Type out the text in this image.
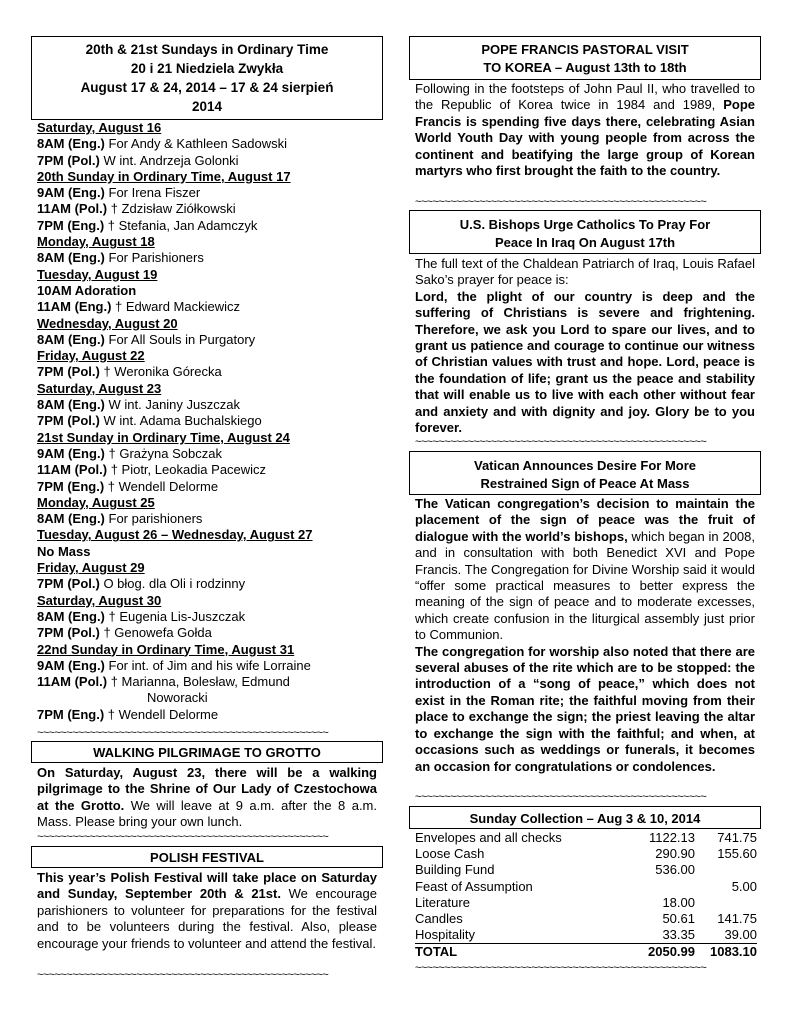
20th & 21st Sundays in Ordinary Time
20 i 21 Niedziela Zwykła
August 17 & 24, 2014 – 17 & 24 sierpień
2014
Saturday, August 16
8AM (Eng.) For Andy & Kathleen Sadowski
7PM (Pol.) W int. Andrzeja Golonki
20th Sunday in Ordinary Time, August 17
9AM (Eng.) For Irena Fiszer
11AM (Pol.) † Zdzisław Ziółkowski
7PM (Eng.) † Stefania, Jan Adamczyk
Monday, August 18
8AM (Eng.) For Parishioners
Tuesday, August 19
10AM Adoration
11AM (Eng.) † Edward Mackiewicz
Wednesday, August 20
8AM (Eng.) For All Souls in Purgatory
Friday, August 22
7PM (Pol.) † Weronika Górecka
Saturday, August 23
8AM (Eng.) W int. Janiny Juszczak
7PM (Pol.) W int. Adama Buchalskiego
21st Sunday in Ordinary Time, August 24
9AM (Eng.) † Grażyna Sobczak
11AM (Pol.) † Piotr, Leokadia Pacewicz
7PM (Eng.) † Wendell Delorme
Monday, August 25
8AM (Eng.) For parishioners
Tuesday, August 26 – Wednesday, August 27
No Mass
Friday, August 29
7PM (Pol.) O błog. dla Oli i rodzinny
Saturday, August 30
8AM (Eng.) † Eugenia Lis-Juszczak
7PM (Pol.) † Genowefa Gołda
22nd Sunday in Ordinary Time, August 31
9AM (Eng.) For int. of Jim and his wife Lorraine
11AM (Pol.) † Marianna, Bolesław, Edmund
Noworacki
7PM (Eng.) † Wendell Delorme
~~~~~~~~~~~~~~~~~~~~~~~~~~~~~~~~~~~~~~~~~~~~~~~~~~
WALKING PILGRIMAGE TO GROTTO
On Saturday, August 23, there will be a walking pilgrimage to the Shrine of Our Lady of Czestochowa at the Grotto. We will leave at 9 a.m. after the 8 a.m. Mass. Please bring your own lunch.
~~~~~~~~~~~~~~~~~~~~~~~~~~~~~~~~~~~~~~~~~~~~~~~~~~
POLISH FESTIVAL
This year’s Polish Festival will take place on Saturday and Sunday, September 20th & 21st. We encourage parishioners to volunteer for preparations for the festival and to be volunteers during the festival. Also, please encourage your friends to volunteer and attend the festival.
~~~~~~~~~~~~~~~~~~~~~~~~~~~~~~~~~~~~~~~~~~~~~~~~~~
POPE FRANCIS PASTORAL VISIT
TO KOREA – August 13th to 18th
Following in the footsteps of John Paul II, who travelled to the Republic of Korea twice in 1984 and 1989, Pope Francis is spending five days there, celebrating Asian World Youth Day with young people from across the continent and beatifying the large group of Korean martyrs who first brought the faith to the country.
~~~~~~~~~~~~~~~~~~~~~~~~~~~~~~~~~~~~~~~~~~~~~~~~~~
U.S. Bishops Urge Catholics To Pray For
Peace In Iraq On August 17th
The full text of the Chaldean Patriarch of Iraq, Louis Rafael Sako’s prayer for peace is:
Lord, the plight of our country is deep and the suffering of Christians is severe and frightening. Therefore, we ask you Lord to spare our lives, and to grant us patience and courage to continue our witness of Christian values with trust and hope. Lord, peace is the foundation of life; grant us the peace and stability that will enable us to live with each other without fear and anxiety and with dignity and joy. Glory be to you forever.
~~~~~~~~~~~~~~~~~~~~~~~~~~~~~~~~~~~~~~~~~~~~~~~~~~
Vatican Announces Desire For More
Restrained Sign of Peace At Mass
The Vatican congregation’s decision to maintain the placement of the sign of peace was the fruit of dialogue with the world’s bishops, which began in 2008, and in consultation with both Benedict XVI and Pope Francis. The Congregation for Divine Worship said it would “offer some practical measures to better express the meaning of the sign of peace and to moderate excesses, which create confusion in the liturgical assembly just prior to Communion.
The congregation for worship also noted that there are several abuses of the rite which are to be stopped: the introduction of a “song of peace,” which does not exist in the Roman rite; the faithful moving from their place to exchange the sign; the priest leaving the altar to exchange the sign with the faithful; and when, at occasions such as weddings or funerals, it becomes an occasion for congratulations or condolences.
~~~~~~~~~~~~~~~~~~~~~~~~~~~~~~~~~~~~~~~~~~~~~~~~~~
Sunday Collection – Aug 3 & 10, 2014
Envelopes and all checks	1122.13	741.75
Loose Cash	290.90	155.60
Building Fund	536.00	
Feast of Assumption		5.00
Literature	18.00	
Candles	50.61	141.75
Hospitality	33.35	39.00
TOTAL	2050.99	1083.10
~~~~~~~~~~~~~~~~~~~~~~~~~~~~~~~~~~~~~~~~~~~~~~~~~~
